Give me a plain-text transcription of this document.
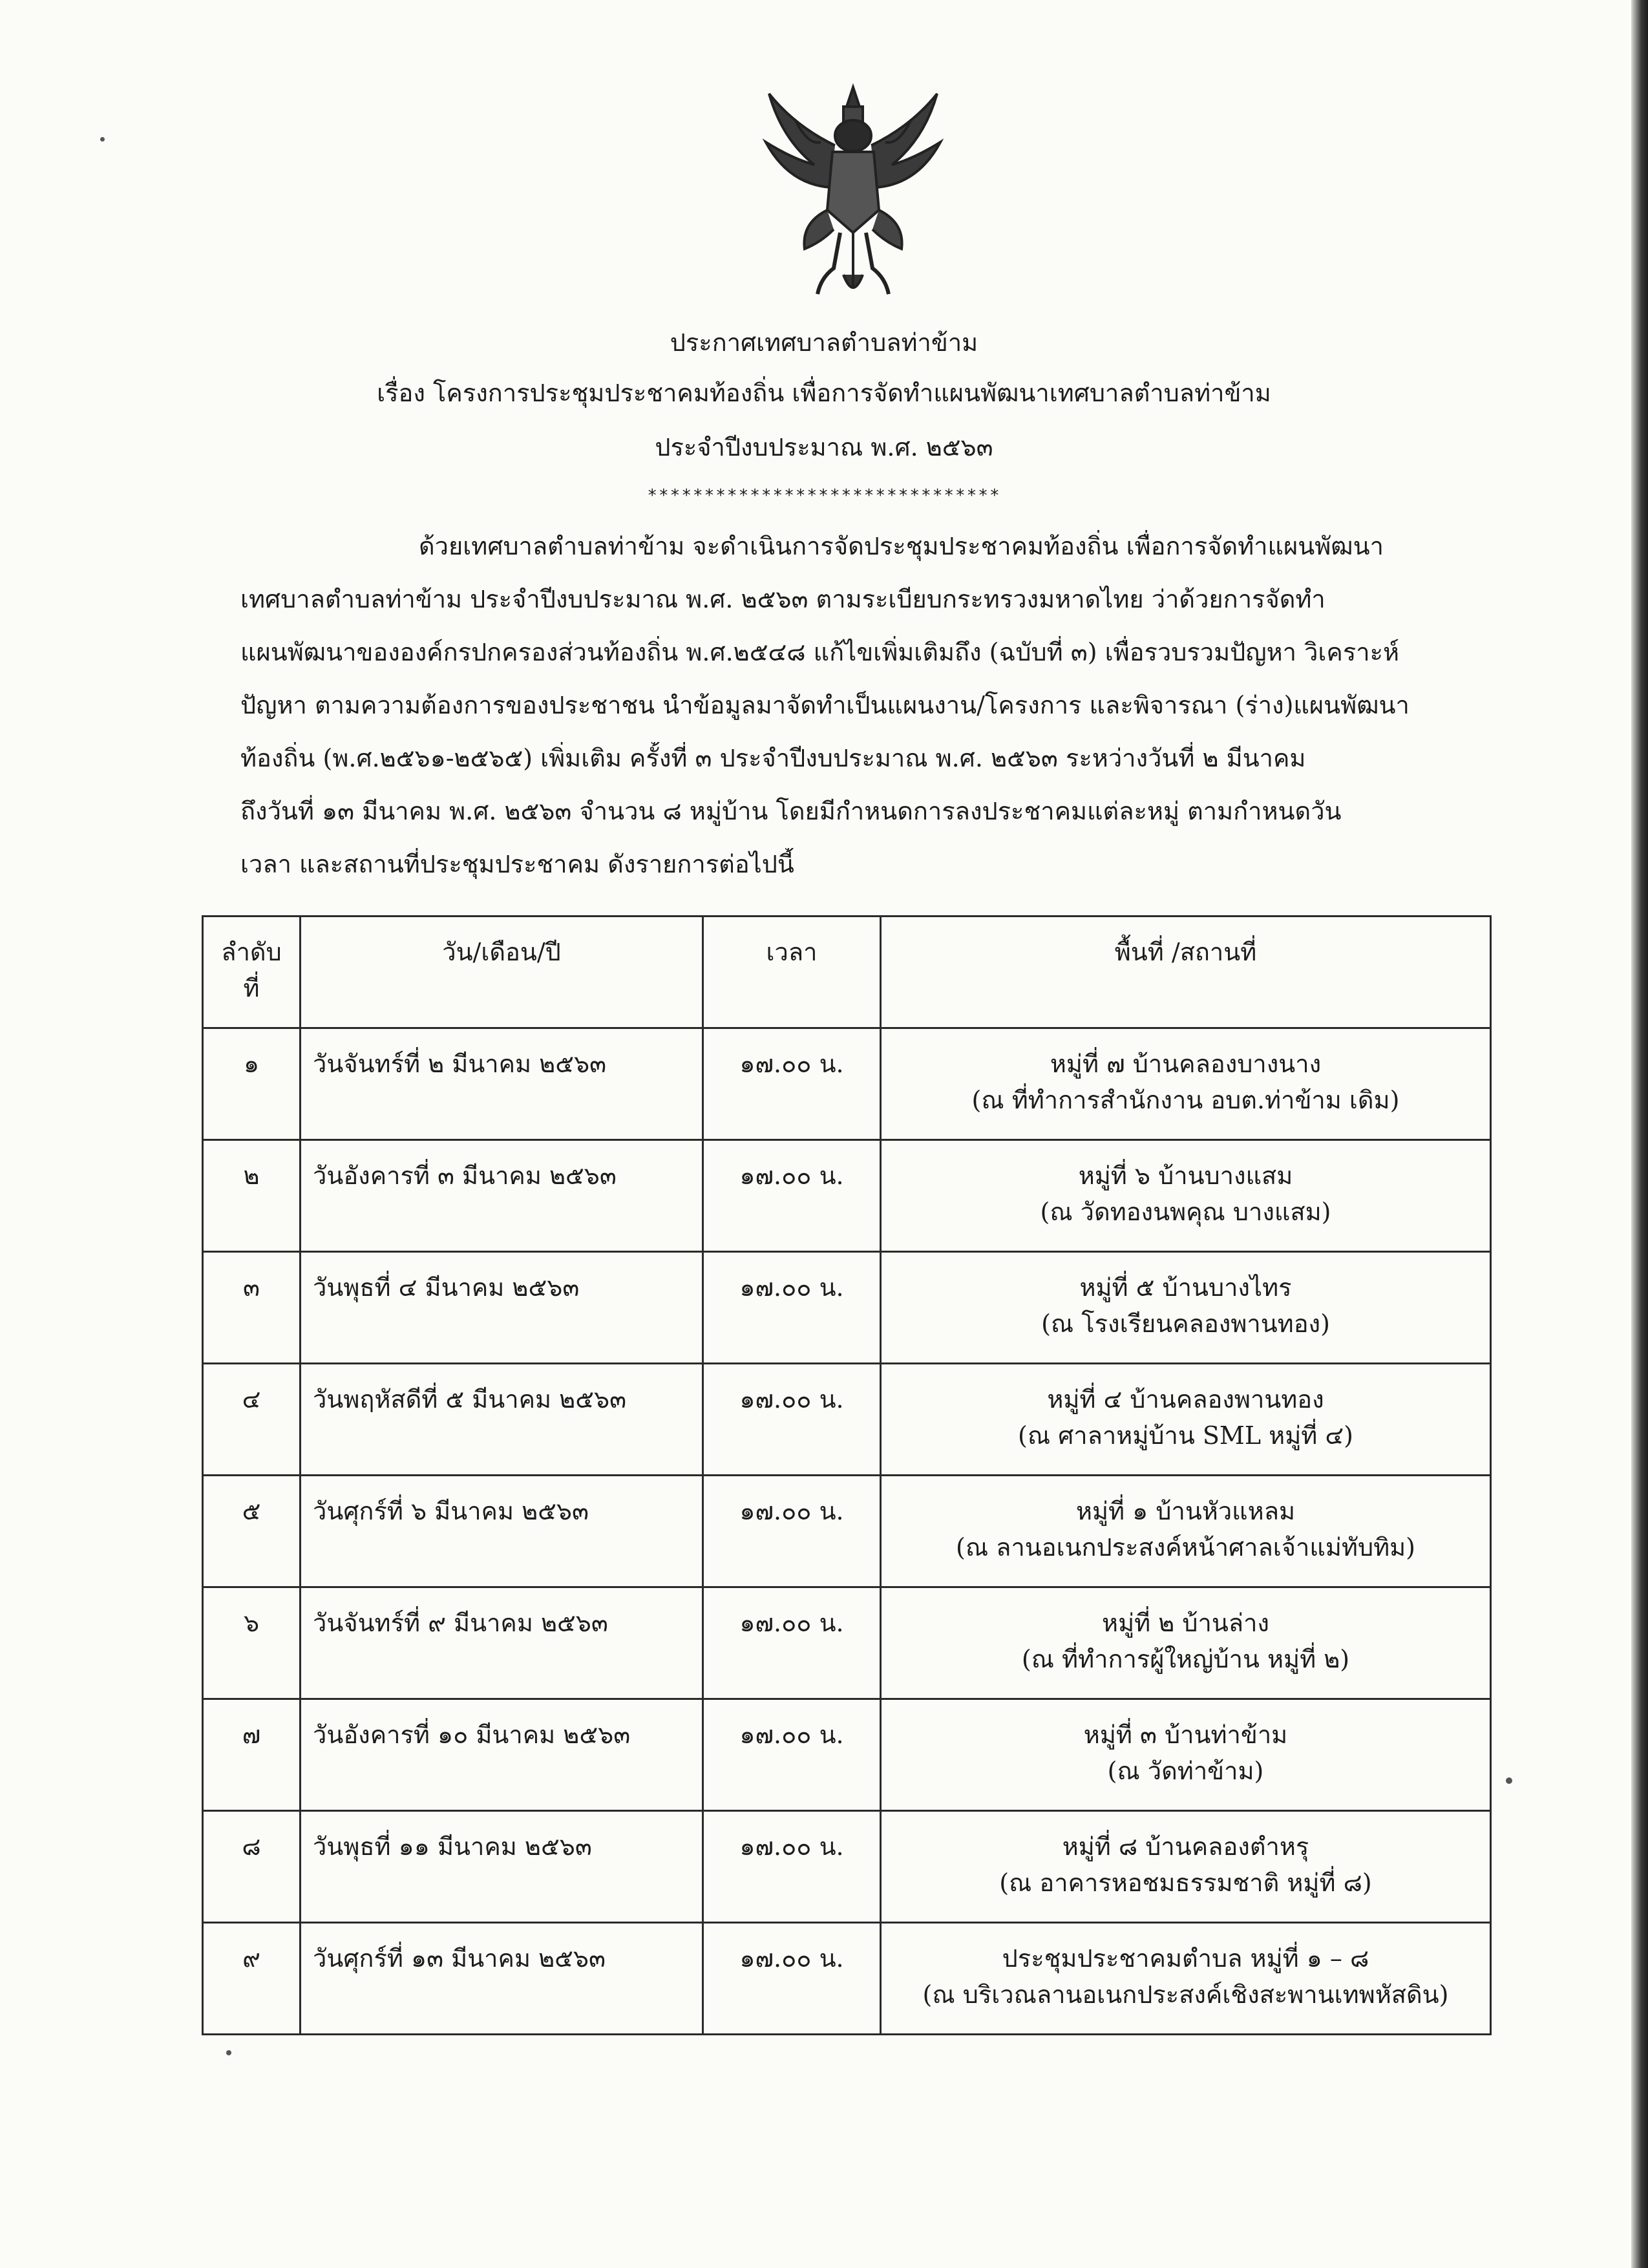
ประกาศเทศบาลตำบลท่าข้าม
เรื่อง โครงการประชุมประชาคมท้องถิ่น เพื่อการจัดทำแผนพัฒนาเทศบาลตำบลท่าข้าม
ประจำปีงบประมาณ พ.ศ. ๒๕๖๓
*******************************
ด้วยเทศบาลตำบลท่าข้าม จะดำเนินการจัดประชุมประชาคมท้องถิ่น เพื่อการจัดทำแผนพัฒนา
เทศบาลตำบลท่าข้าม ประจำปีงบประมาณ พ.ศ. ๒๕๖๓ ตามระเบียบกระทรวงมหาดไทย ว่าด้วยการจัดทำ
แผนพัฒนาขององค์กรปกครองส่วนท้องถิ่น พ.ศ.๒๕๔๘ แก้ไขเพิ่มเติมถึง (ฉบับที่ ๓) เพื่อรวบรวมปัญหา วิเคราะห์
ปัญหา ตามความต้องการของประชาชน นำข้อมูลมาจัดทำเป็นแผนงาน/โครงการ และพิจารณา (ร่าง)แผนพัฒนา
ท้องถิ่น (พ.ศ.๒๕๖๑-๒๕๖๕) เพิ่มเติม ครั้งที่ ๓ ประจำปีงบประมาณ พ.ศ. ๒๕๖๓ ระหว่างวันที่ ๒ มีนาคม
ถึงวันที่ ๑๓ มีนาคม พ.ศ. ๒๕๖๓ จำนวน ๘ หมู่บ้าน โดยมีกำหนดการลงประชาคมแต่ละหมู่ ตามกำหนดวัน
เวลา และสถานที่ประชุมประชาคม ดังรายการต่อไปนี้
ลำดับ
ที่	วัน/เดือน/ปี	เวลา	พื้นที่ /สถานที่

๑	วันจันทร์ที่ ๒ มีนาคม ๒๕๖๓	๑๗.๐๐ น.	หมู่ที่ ๗ บ้านคลองบางนาง
(ณ ที่ทำการสำนักงาน อบต.ท่าข้าม เดิม)

๒	วันอังคารที่ ๓ มีนาคม ๒๕๖๓	๑๗.๐๐ น.	หมู่ที่ ๖ บ้านบางแสม
(ณ วัดทองนพคุณ บางแสม)

๓	วันพุธที่ ๔ มีนาคม ๒๕๖๓	๑๗.๐๐ น.	หมู่ที่ ๕ บ้านบางไทร
(ณ โรงเรียนคลองพานทอง)

๔	วันพฤหัสดีที่ ๕ มีนาคม ๒๕๖๓	๑๗.๐๐ น.	หมู่ที่ ๔ บ้านคลองพานทอง
(ณ ศาลาหมู่บ้าน SML หมู่ที่ ๔)

๕	วันศุกร์ที่ ๖ มีนาคม ๒๕๖๓	๑๗.๐๐ น.	หมู่ที่ ๑ บ้านหัวแหลม
(ณ ลานอเนกประสงค์หน้าศาลเจ้าแม่ทับทิม)

๖	วันจันทร์ที่ ๙ มีนาคม ๒๕๖๓	๑๗.๐๐ น.	หมู่ที่ ๒ บ้านล่าง
(ณ ที่ทำการผู้ใหญ่บ้าน หมู่ที่ ๒)

๗	วันอังคารที่ ๑๐ มีนาคม ๒๕๖๓	๑๗.๐๐ น.	หมู่ที่ ๓ บ้านท่าข้าม
(ณ วัดท่าข้าม)

๘	วันพุธที่ ๑๑ มีนาคม ๒๕๖๓	๑๗.๐๐ น.	หมู่ที่ ๘ บ้านคลองตำหรุ
(ณ อาคารหอชมธรรมชาติ หมู่ที่ ๘)

๙	วันศุกร์ที่ ๑๓ มีนาคม ๒๕๖๓	๑๗.๐๐ น.	ประชุมประชาคมตำบล หมู่ที่ ๑ – ๘
(ณ บริเวณลานอเนกประสงค์เชิงสะพานเทพหัสดิน)
